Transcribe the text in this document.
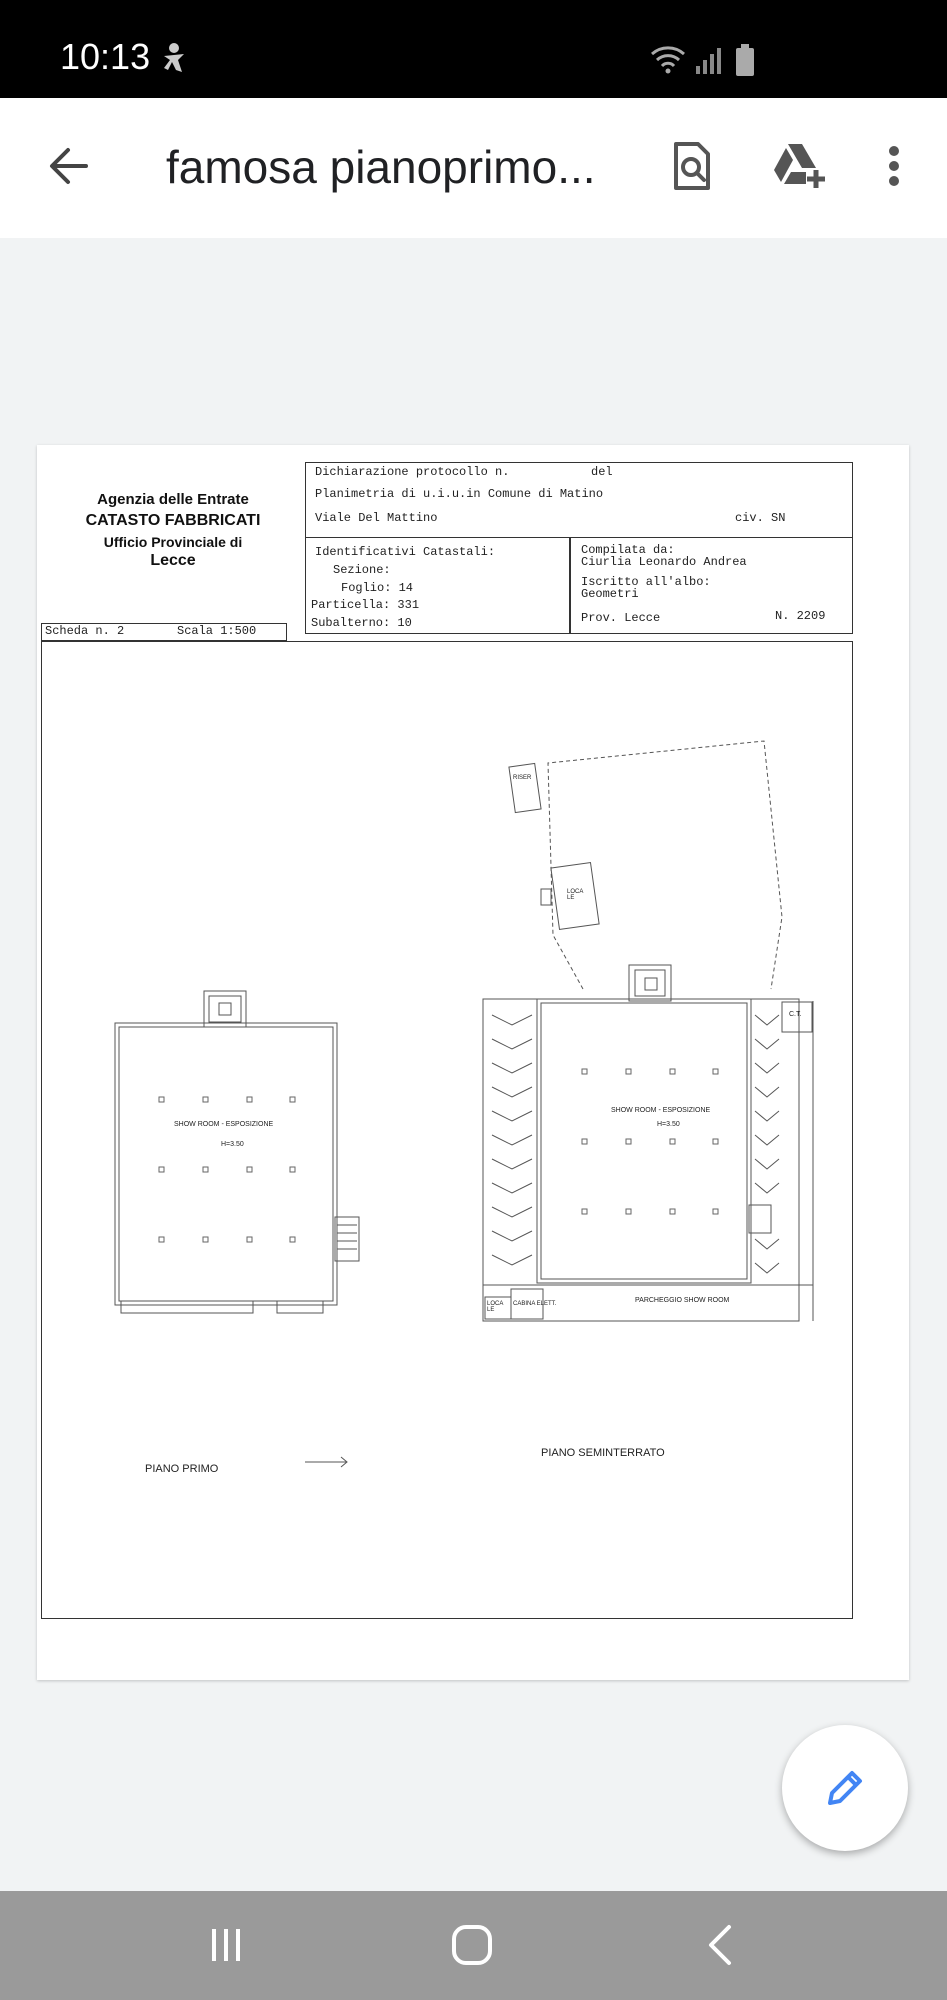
10:13
famosa pianoprimo...
Agenzia delle Entrate
CATASTO FABBRICATI
Ufficio Provinciale di
Lecce
Dichiarazione protocollo n.	del
Planimetria di u.i.u.in Comune di Matino
Viale Del Mattino	civ. SN
Identificativi Catastali:
Sezione:
Foglio: 14
Particella: 331
Subalterno: 10
Compilata da:
Ciurlia Leonardo Andrea
Iscritto all'albo:
Geometri
Prov. Lecce	N. 2209
Scheda n. 2	Scala 1:500
SHOW ROOM - ESPOSIZIONE
H=3.50
SHOW ROOM - ESPOSIZIONE
H=3.50
PARCHEGGIO SHOW ROOM
CABINA ELETT.
C.T.
RISER
LOCA LE
LOCA LE
PIANO PRIMO
PIANO SEMINTERRATO
